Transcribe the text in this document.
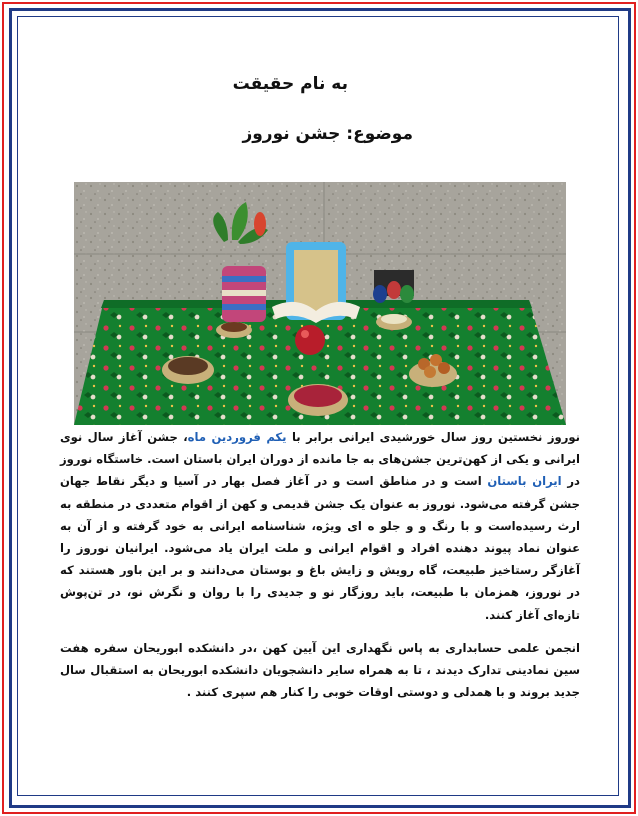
به نام حقیقت
موضوع: جشن نوروز

نوروز نخستین روز سال خورشیدی ایرانی برابر با یکم فروردین ماه، جشن آغاز سال نوی ایرانی و یکی از کهن‌ترین جشن‌های به جا مانده از دوران ایران باستان است. خاستگاه نوروز در ایران باستان است و در مناطق است و در آغاز فصل بهار در آسیا و دیگر نقاط جهان جشن گرفته می‌شود. نوروز به عنوان یک جشن قدیمی و کهن از اقوام متعددی در منطقه به ارث رسیده‌است و با رنگ و و جلو ه ای ویژه، شناسنامه ایرانی به خود گرفته و از آن به عنوان نماد پیوند دهنده افراد و اقوام ایرانی و ملت ایران یاد می‌شود. ایرانیان نوروز را آغازگر رستاخیز طبیعت، گاه رویش و زایش باغ و بوستان می‌دانند و بر این باور هستند که در نوروز، همزمان با طبیعت، باید روزگار نو و جدیدی را با روان و نگرش نو، در تن‌پوش تازه‌ای آغاز کنند.

انجمن علمی حسابداری به پاس نگهداری این آیین کهن ،در دانشکده ابوریحان سفره هفت سین نمادینی تدارک دیدند ، تا به همراه سایر دانشجویان دانشکده ابوریحان به استقبال سال جدید بروند و با همدلی و دوستی اوقات خوبی را کنار هم سپری کنند .
